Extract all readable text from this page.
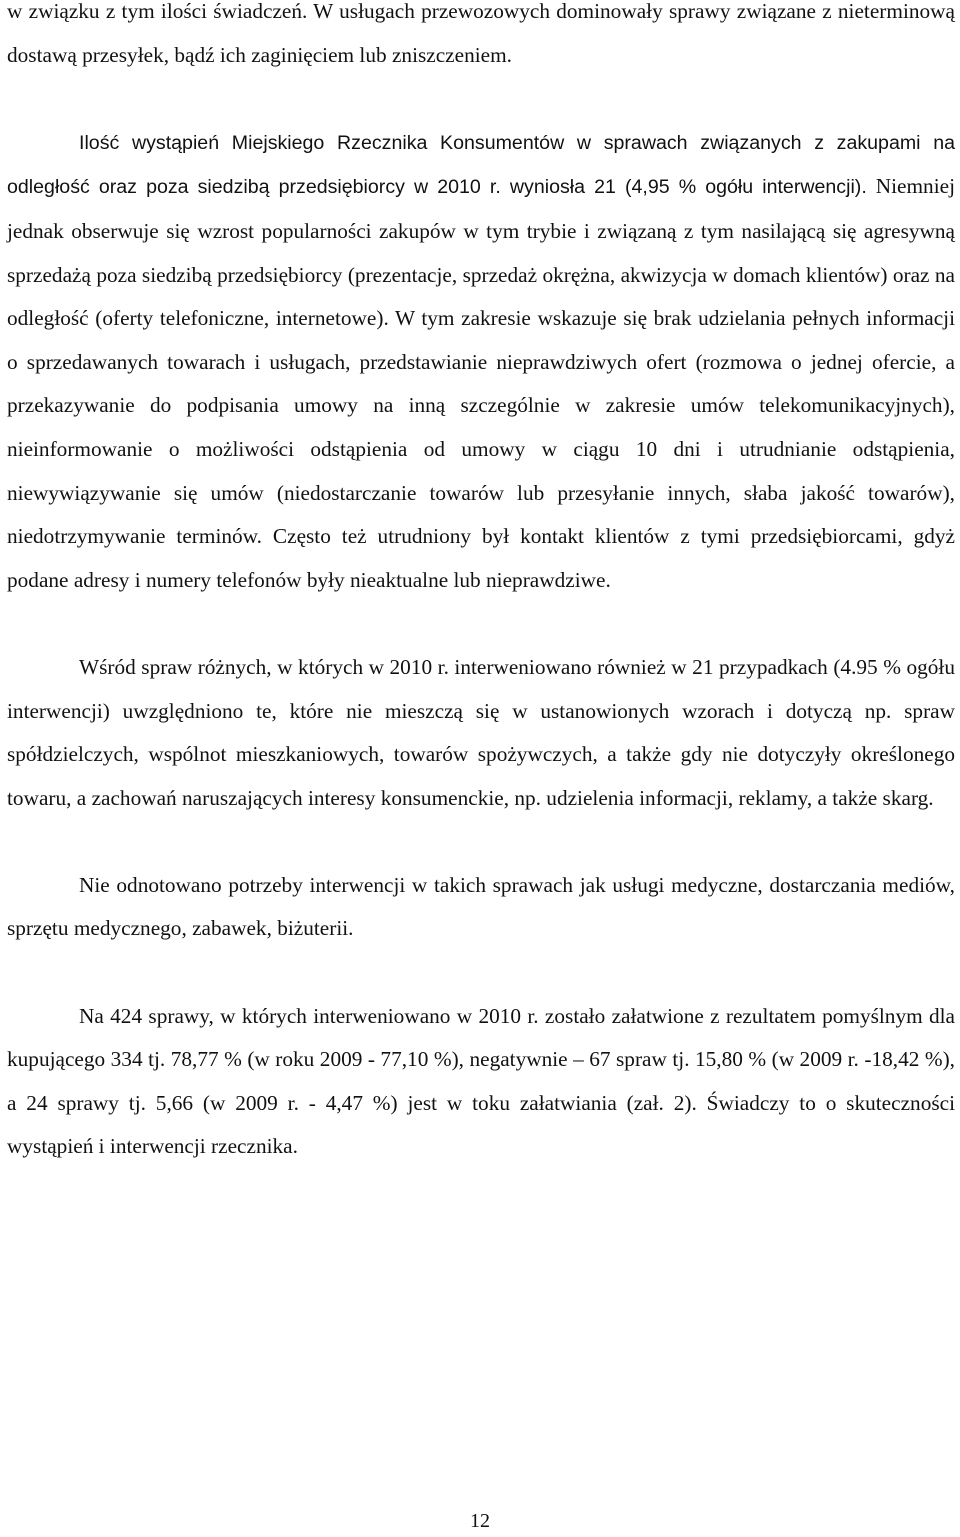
w związku z tym ilości świadczeń. W usługach przewozowych dominowały sprawy związane z nieterminową dostawą przesyłek, bądź ich zaginięciem lub zniszczeniem.

Ilość wystąpień Miejskiego Rzecznika Konsumentów w sprawach związanych z zakupami na odległość oraz poza siedzibą przedsiębiorcy w 2010 r. wyniosła 21 (4,95 % ogółu interwencji). Niemniej jednak obserwuje się wzrost popularności zakupów w tym trybie i związaną z tym nasilającą się agresywną sprzedażą poza siedzibą przedsiębiorcy (prezentacje, sprzedaż okrężna, akwizycja w domach klientów) oraz na odległość (oferty telefoniczne, internetowe). W tym zakresie wskazuje się brak udzielania pełnych informacji o sprzedawanych towarach i usługach, przedstawianie nieprawdziwych ofert (rozmowa o jednej ofercie, a przekazywanie do podpisania umowy na inną szczególnie w zakresie umów telekomunikacyjnych), nieinformowanie o możliwości odstąpienia od umowy w ciągu 10 dni i utrudnianie odstąpienia, niewywiązywanie się umów (niedostarczanie towarów lub przesyłanie innych, słaba jakość towarów), niedotrzymywanie terminów. Często też utrudniony był kontakt klientów z tymi przedsiębiorcami, gdyż podane adresy i numery telefonów były nieaktualne lub nieprawdziwe.

Wśród spraw różnych, w których w 2010 r. interweniowano również w 21 przypadkach (4.95 % ogółu interwencji) uwzględniono te, które nie mieszczą się w ustanowionych wzorach i dotyczą np. spraw spółdzielczych, wspólnot mieszkaniowych, towarów spożywczych, a także gdy nie dotyczyły określonego towaru, a zachowań naruszających interesy konsumenckie, np. udzielenia informacji, reklamy, a także skarg.

Nie odnotowano potrzeby interwencji w takich sprawach jak usługi medyczne, dostarczania mediów, sprzętu medycznego, zabawek, biżuterii.

Na 424 sprawy, w których interweniowano w 2010 r. zostało załatwione z rezultatem pomyślnym dla kupującego 334 tj. 78,77 % (w roku 2009 - 77,10 %), negatywnie – 67 spraw tj. 15,80 % (w 2009 r. -18,42 %), a 24 sprawy tj. 5,66 (w 2009 r. - 4,47 %) jest w toku załatwiania (zał. 2). Świadczy to o skuteczności wystąpień i interwencji rzecznika.

12
